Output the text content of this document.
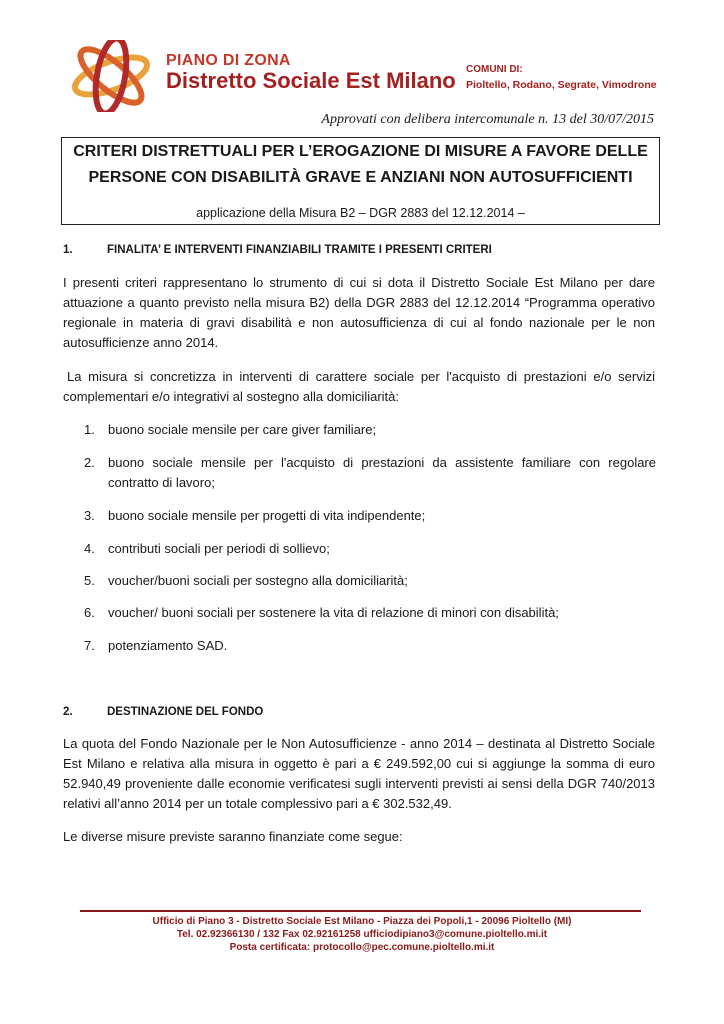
PIANO DI ZONA
Distretto Sociale Est Milano COMUNI DI:
Pioltello, Rodano, Segrate, Vimodrone
Approvati con delibera intercomunale n. 13 del 30/07/2015
CRITERI DISTRETTUALI PER L’EROGAZIONE DI MISURE A FAVORE DELLE
PERSONE CON DISABILITÀ GRAVE E ANZIANI NON AUTOSUFFICIENTI
applicazione della Misura B2 – DGR 2883 del 12.12.2014 –
1.	FINALITA’ E INTERVENTI FINANZIABILI TRAMITE I PRESENTI CRITERI
I presenti criteri rappresentano lo strumento di cui si dota il Distretto Sociale Est Milano per dare attuazione a quanto previsto nella misura B2) della DGR 2883 del 12.12.2014 “Programma operativo regionale in materia di gravi disabilità e non autosufficienza di cui al fondo nazionale per le non autosufficienze anno 2014.
La misura si concretizza in interventi di carattere sociale per l'acquisto di prestazioni e/o servizi complementari e/o integrativi al sostegno alla domiciliarità:
1. buono sociale mensile per care giver familiare;
2. buono sociale mensile per l'acquisto di prestazioni da assistente familiare con regolare contratto di lavoro;
3. buono sociale mensile per progetti di vita indipendente;
4. contributi sociali per periodi di sollievo;
5. voucher/buoni sociali per sostegno alla domiciliarità;
6. voucher/ buoni sociali per sostenere la vita di relazione di minori con disabilità;
7. potenziamento SAD.
2.	DESTINAZIONE DEL FONDO
La quota del Fondo Nazionale per le Non Autosufficienze - anno 2014 – destinata al Distretto Sociale Est Milano e relativa alla misura in oggetto è pari a € 249.592,00 cui si aggiunge la somma di euro 52.940,49 proveniente dalle economie verificatesi sugli interventi previsti ai sensi della DGR 740/2013 relativi all’anno 2014 per un totale complessivo pari a € 302.532,49.
Le diverse misure previste saranno finanziate come segue:
Ufficio di Piano 3 - Distretto Sociale Est Milano - Piazza dei Popoli,1 - 20096 Pioltello (MI)
Tel. 02.92366130 / 132 Fax 02.92161258 ufficiodipiano3@comune.pioltello.mi.it
Posta certificata: protocollo@pec.comune.pioltello.mi.it
